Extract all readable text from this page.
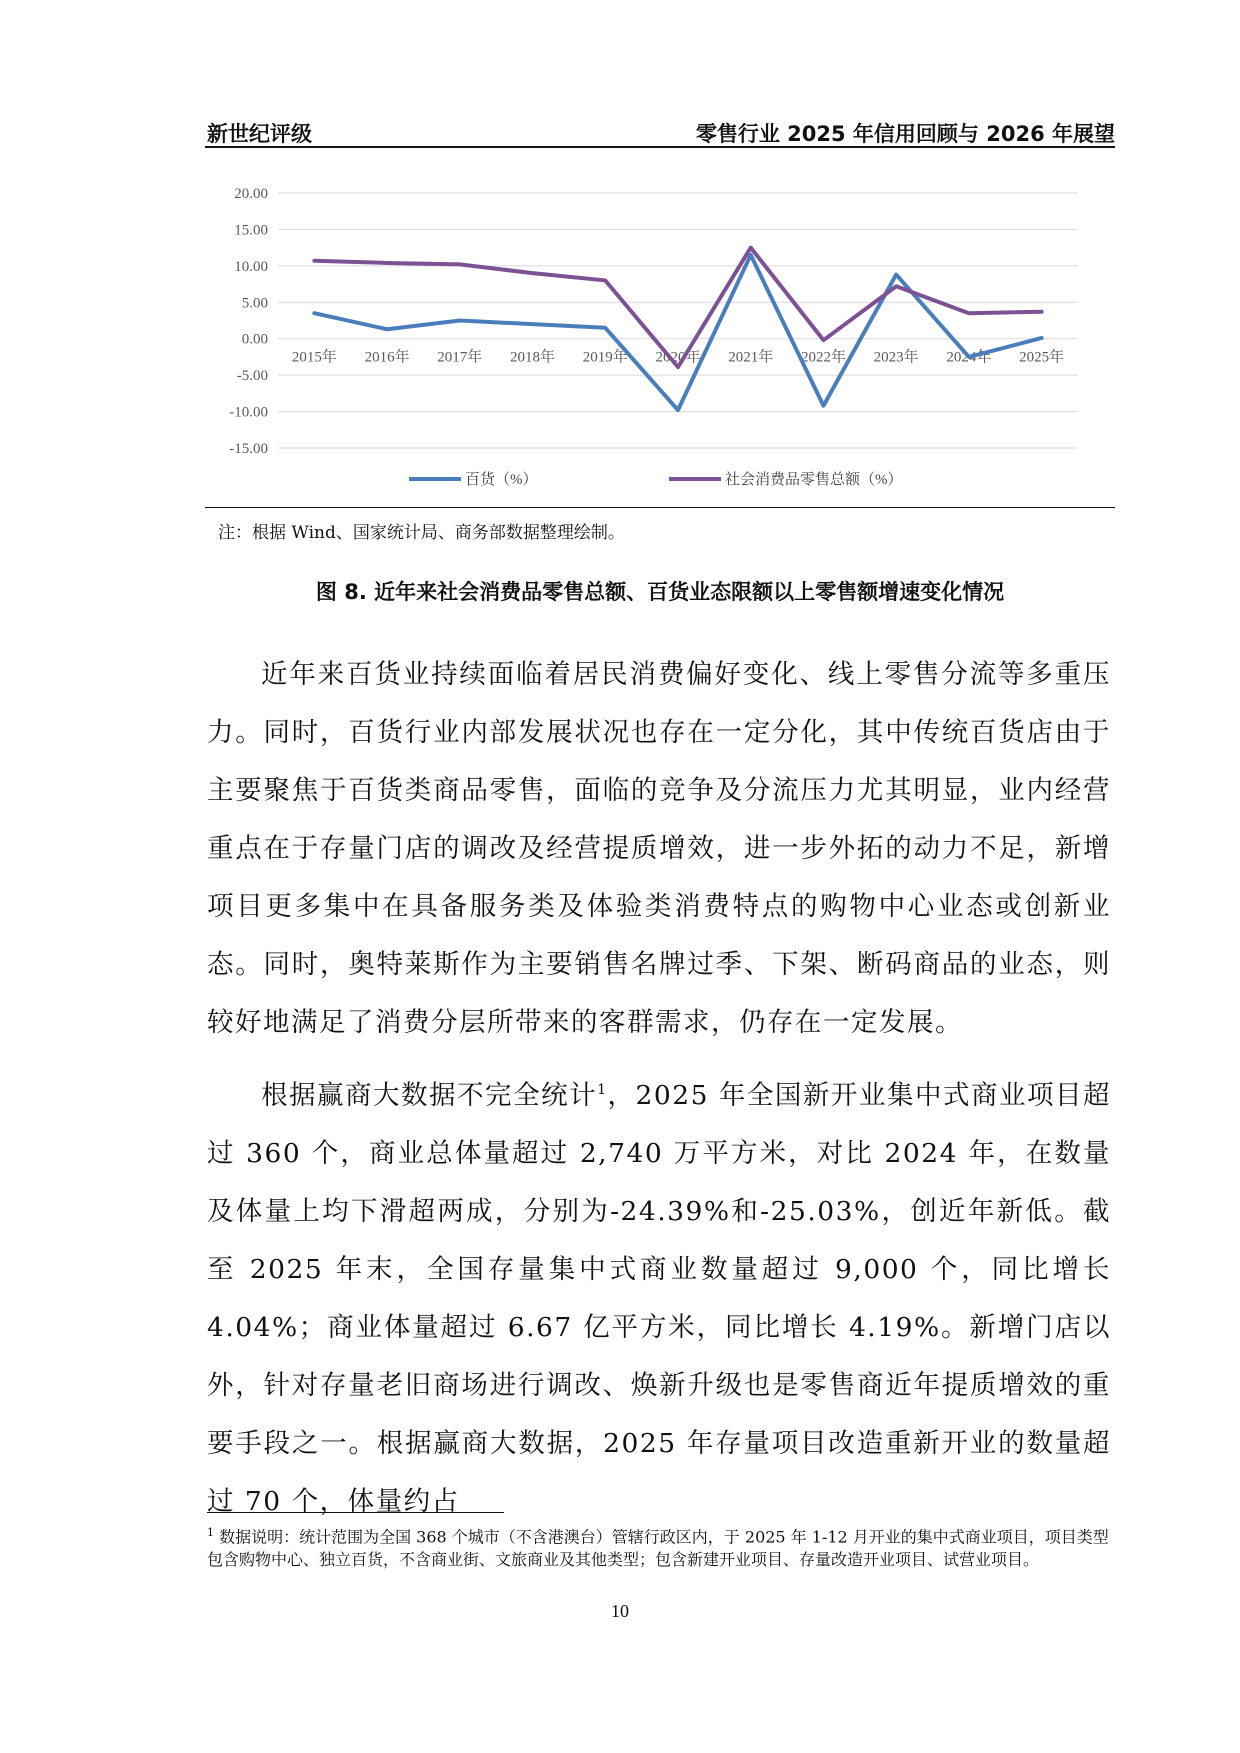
新世纪评级	零售行业 2025 年信用回顾与 2026 年展望
20.00
15.00
10.00
5.00
0.00
-5.00
-10.00
-15.00
2015年 2016年 2017年 2018年 2019年 2020年 2021年 2022年 2023年 2024年 2025年
百货（%）	社会消费品零售总额（%）
注：根据 Wind、国家统计局、商务部数据整理绘制。
图 8. 近年来社会消费品零售总额、百货业态限额以上零售额增速变化情况

近年来百货业持续面临着居民消费偏好变化、线上零售分流等多重压力。同时，百货行业内部发展状况也存在一定分化，其中传统百货店由于主要聚焦于百货类商品零售，面临的竞争及分流压力尤其明显，业内经营重点在于存量门店的调改及经营提质增效，进一步外拓的动力不足，新增项目更多集中在具备服务类及体验类消费特点的购物中心业态或创新业态。同时，奥特莱斯作为主要销售名牌过季、下架、断码商品的业态，则较好地满足了消费分层所带来的客群需求，仍存在一定发展。

根据赢商大数据不完全统计$^1$，2025 年全国新开业集中式商业项目超过 360 个，商业总体量超过 2,740 万平方米，对比 2024 年，在数量及体量上均下滑超两成，分别为-24.39%和-25.03%，创近年新低。截至 2025 年末，全国存量集中式商业数量超过 9,000 个，同比增长 4.04%；商业体量超过 6.67 亿平方米，同比增长 4.19%。新增门店以外，针对存量老旧商场进行调改、焕新升级也是零售商近年提质增效的重要手段之一。根据赢商大数据，2025 年存量项目改造重新开业的数量超过 70 个，体量约占

$^1$ 数据说明：统计范围为全国 368 个城市（不含港澳台）管辖行政区内，于 2025 年 1-12 月开业的集中式商业项目，项目类型包含购物中心、独立百货，不含商业街、文旅商业及其他类型；包含新建开业项目、存量改造开业项目、试营业项目。

10
